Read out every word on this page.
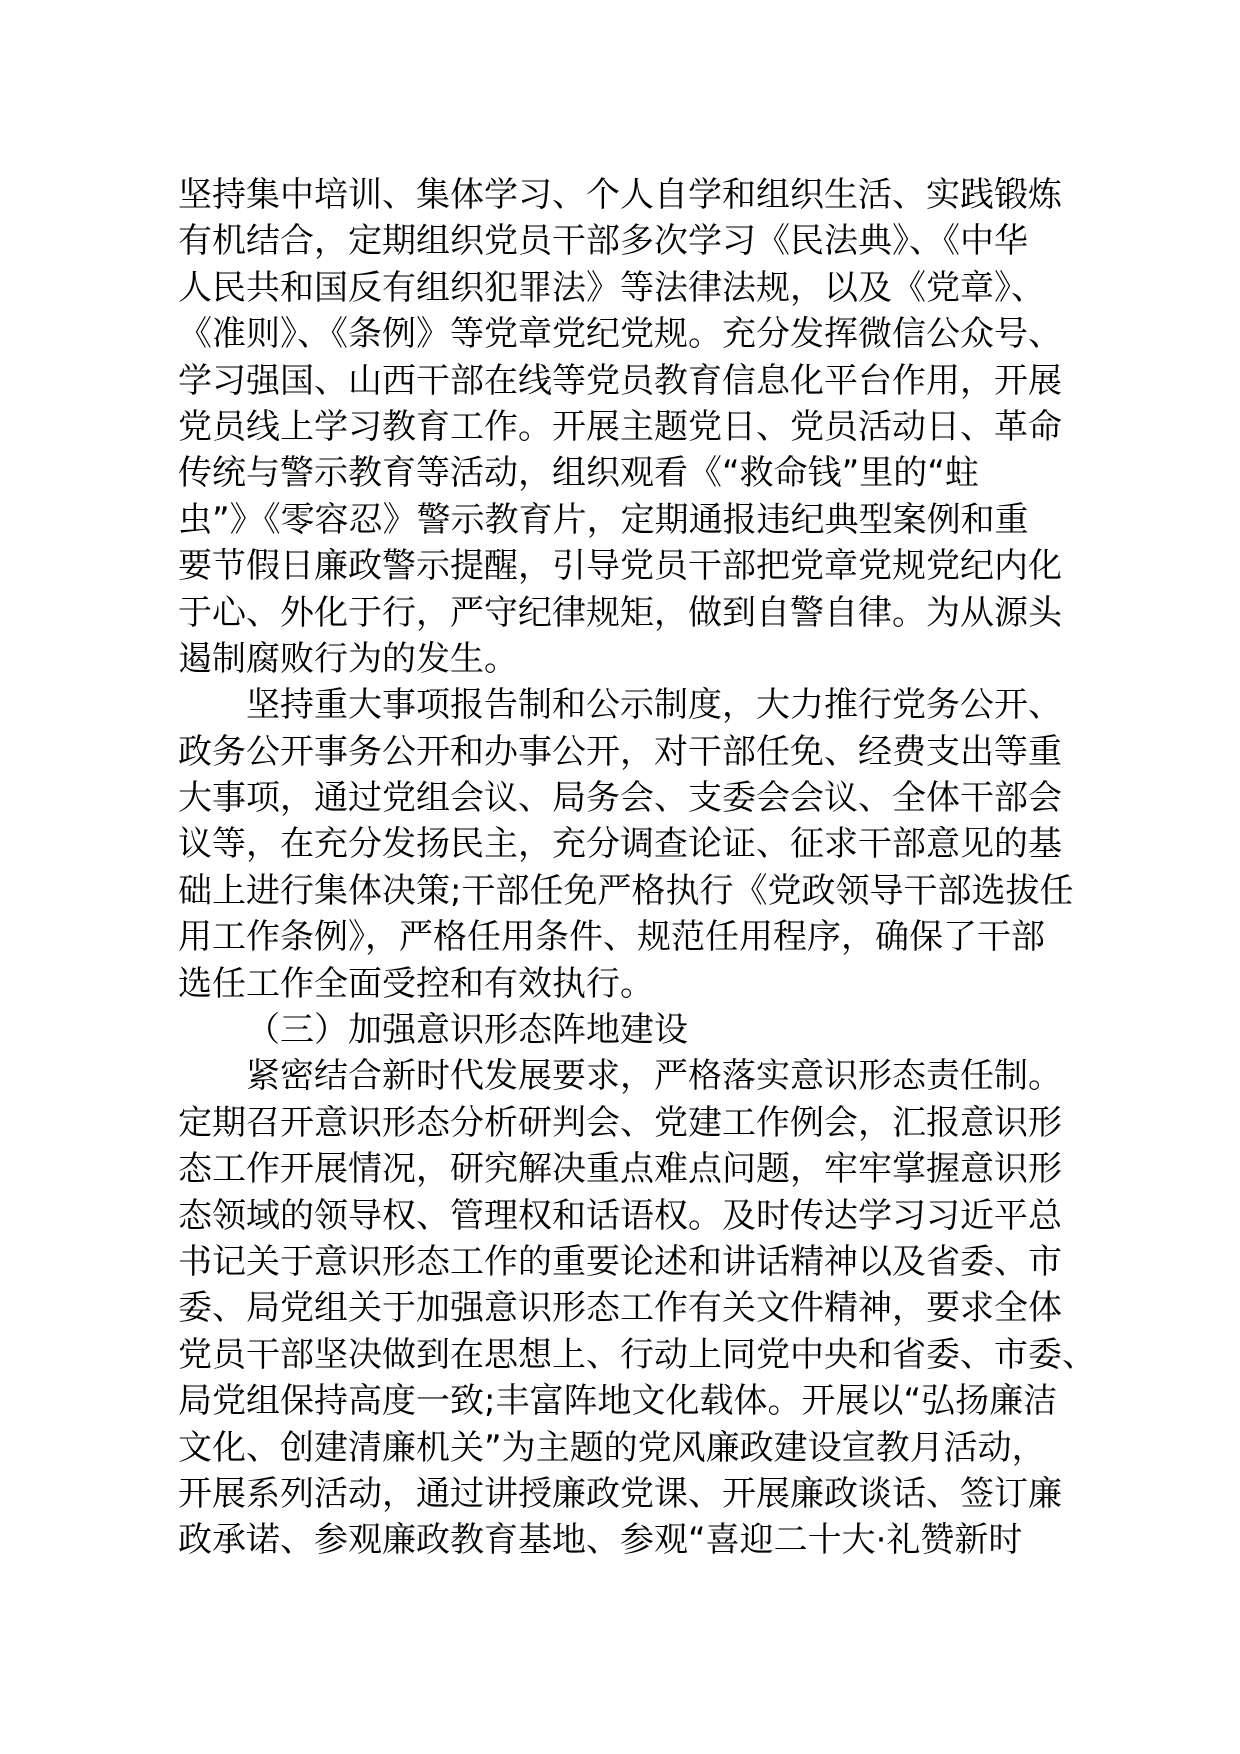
坚持集中培训、集体学习、个人自学和组织生活、实践锻炼
有机结合，定期组织党员干部多次学习《民法典》、《中华
人民共和国反有组织犯罪法》等法律法规，以及《党章》、
《准则》、《条例》等党章党纪党规。充分发挥微信公众号、
学习强国、山西干部在线等党员教育信息化平台作用，开展
党员线上学习教育工作。开展主题党日、党员活动日、革命
传统与警示教育等活动，组织观看《“救命钱”里的“蛀
虫”》《零容忍》警示教育片，定期通报违纪典型案例和重
要节假日廉政警示提醒，引导党员干部把党章党规党纪内化
于心、外化于行，严守纪律规矩，做到自警自律。为从源头
遏制腐败行为的发生。
坚持重大事项报告制和公示制度，大力推行党务公开、
政务公开事务公开和办事公开，对干部任免、经费支出等重
大事项，通过党组会议、局务会、支委会会议、全体干部会
议等，在充分发扬民主，充分调查论证、征求干部意见的基
础上进行集体决策;干部任免严格执行《党政领导干部选拔任
用工作条例》，严格任用条件、规范任用程序，确保了干部
选任工作全面受控和有效执行。
（三）加强意识形态阵地建设
紧密结合新时代发展要求，严格落实意识形态责任制。
定期召开意识形态分析研判会、党建工作例会，汇报意识形
态工作开展情况，研究解决重点难点问题，牢牢掌握意识形
态领域的领导权、管理权和话语权。及时传达学习习近平总
书记关于意识形态工作的重要论述和讲话精神以及省委、市
委、局党组关于加强意识形态工作有关文件精神，要求全体
党员干部坚决做到在思想上、行动上同党中央和省委、市委、
局党组保持高度一致;丰富阵地文化载体。开展以“弘扬廉洁
文化、创建清廉机关”为主题的党风廉政建设宣教月活动，
开展系列活动，通过讲授廉政党课、开展廉政谈话、签订廉
政承诺、参观廉政教育基地、参观“喜迎二十大·礼赞新时
